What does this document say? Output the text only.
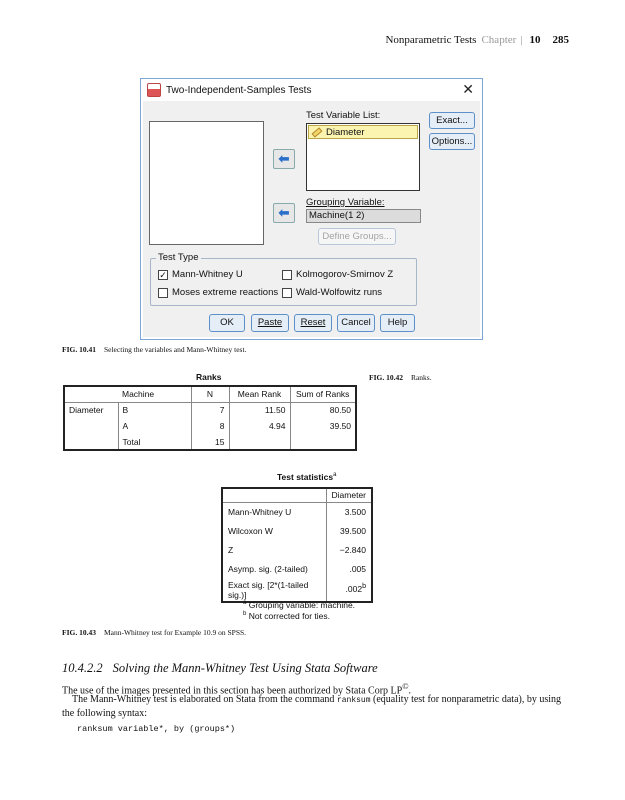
Nonparametric Tests Chapter | 10 285
Two-Independent-Samples Tests	✕
⬅
⬅
Test Variable List:
Diameter
Exact...
Options...
Grouping Variable:
Machine(1 2)
Define Groups...
Test Type
✓ Mann-Whitney U	Kolmogorov-Smirnov Z
Moses extreme reactions Wald-Wolfowitz runs
OK	Paste	Reset	Cancel	Help
FIG. 10.41 Selecting the variables and Mann-Whitney test.
Ranks	FIG. 10.42 Ranks.
	Machine	N	Mean Rank	Sum of Ranks
Diameter	B	7	11.50	80.50
	A	8	4.94	39.50
	Total	15		
Test statistics$^a$
	Diameter
Mann-Whitney U	3.500
Wilcoxon W	39.500
Z	−2.840
Asymp. sig. (2-tailed)	.005
Exact sig. [2*(1-tailed sig.)]	.002$^b$
$^a$ Grouping variable: machine.
$^b$ Not corrected for ties.
FIG. 10.43 Mann-Whitney test for Example 10.9 on SPSS.
10.4.2.2 Solving the Mann-Whitney Test Using Stata Software

The use of the images presented in this section has been authorized by Stata Corp LP©.

The Mann-Whitney test is elaborated on Stata from the command ranksum (equality test for nonparametric data), by using the following syntax:

ranksum variable*, by (groups*)
